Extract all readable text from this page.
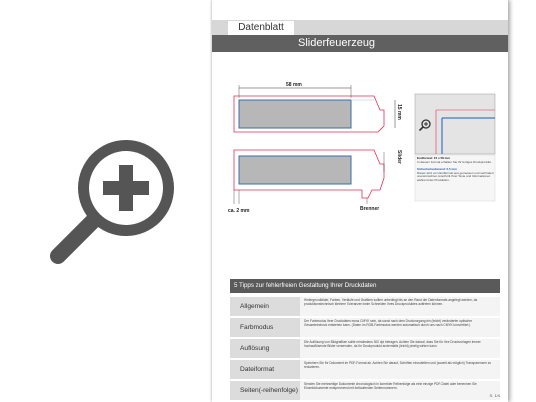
Datenblatt
Sliderfeuerzeug
58 mm
15 mm
ca. 2 mm
Slider
Brenner
Endformat: 15 x 58 mm
In diesem Format erhalten Sie Ihr fertiges Druckprodukt.
Sicherheitsabstand: 0,5 mm
Dieser wird vom Endformat aus gemessen und verhindert unerwünschten Anschnitt Ihrer Texte und Informationen während der Produktion.
5 Tipps zur fehlerfreien Gestaltung Ihrer Druckdaten
Allgemein
Hintergrundbilder, Farben, Verläufe und Grafiken sollten unbedingt bis an den Rand der Datenformats angelegt werden, da produktionstechnisch kleinere Toleranzen beim Schneiden Ihres Druckproduktes auftreten können.
Farbmodus
Der Farbmodus Ihrer Druckdaten muss CMYK sein, da sonst nach dem Druckvorgang ein (leicht) veränderter optischer Gesamteindruck entstehen kann. (Daten im RGB-Farbmodus werden automatisch durch uns nach CMYK konvertiert.)
Auflösung
Die Auflösung von Bildgrafiken sollte mindestens 300 dpi betragen. Achten Sie darauf, dass Sie für Ihre Druckvorlagen immer hochauflösende Bilder verwenden, da Ihr Druckprodukt andernfalls (leicht) pixelig wirken kann.
Dateiformat
Speichern Sie Ihr Dokument im PDF-Format ab. Achten Sie darauf, Schriften einzubetten und (soweit als möglich) Transparenzen zu reduzieren.
Seiten(-reihenfolge)
Senden Sie mehrseitige Dokumente chronologisch in korrekter Reihenfolge als eine einzige PDF-Datei oder benennen Sie Einzeldokumente entsprechend mit fortlaufenden Seitennummern.
S. 1/4
